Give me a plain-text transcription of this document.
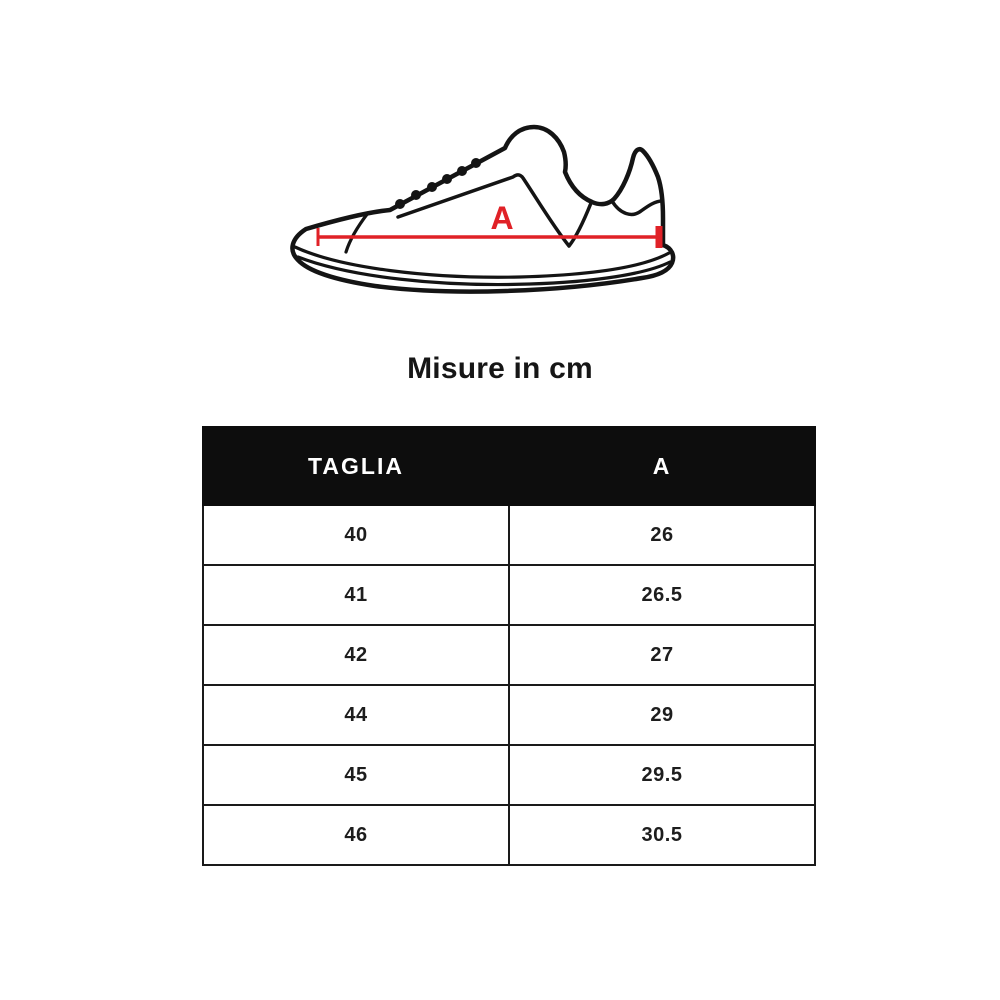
A
Misure in cm
TAGLIA	A
40	26
41	26.5
42	27
44	29
45	29.5
46	30.5
